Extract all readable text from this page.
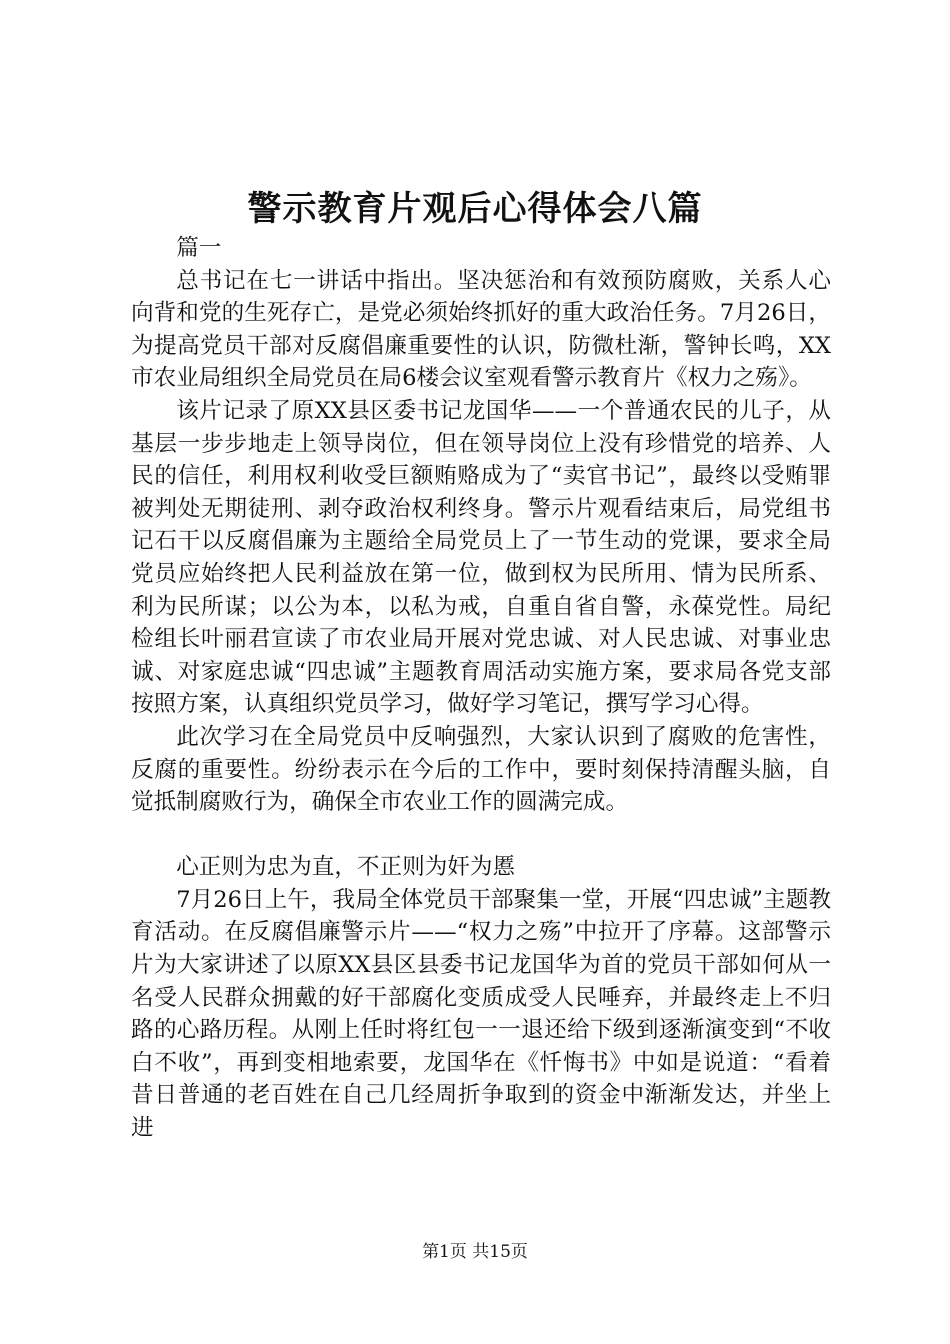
警示教育片观后心得体会八篇

篇一

总书记在七一讲话中指出。坚决惩治和有效预防腐败，关系人心向背和党的生死存亡，是党必须始终抓好的重大政治任务。7月26日，为提高党员干部对反腐倡廉重要性的认识，防微杜渐，警钟长鸣，XX市农业局组织全局党员在局6楼会议室观看警示教育片《权力之殇》。

该片记录了原XX县区委书记龙国华——一个普通农民的儿子，从基层一步步地走上领导岗位，但在领导岗位上没有珍惜党的培养、人民的信任，利用权利收受巨额贿赂成为了“卖官书记”，最终以受贿罪被判处无期徒刑、剥夺政治权利终身。警示片观看结束后，局党组书记石干以反腐倡廉为主题给全局党员上了一节生动的党课，要求全局党员应始终把人民利益放在第一位，做到权为民所用、情为民所系、利为民所谋；以公为本，以私为戒，自重自省自警，永葆党性。局纪检组长叶丽君宣读了市农业局开展对党忠诚、对人民忠诚、对事业忠诚、对家庭忠诚“四忠诚”主题教育周活动实施方案，要求局各党支部按照方案，认真组织党员学习，做好学习笔记，撰写学习心得。

此次学习在全局党员中反响强烈，大家认识到了腐败的危害性，反腐的重要性。纷纷表示在今后的工作中，要时刻保持清醒头脑，自觉抵制腐败行为，确保全市农业工作的圆满完成。

心正则为忠为直，不正则为奸为慝

7月26日上午，我局全体党员干部聚集一堂，开展“四忠诚”主题教育活动。在反腐倡廉警示片——“权力之殇”中拉开了序幕。这部警示片为大家讲述了以原XX县区县委书记龙国华为首的党员干部如何从一名受人民群众拥戴的好干部腐化变质成受人民唾弃，并最终走上不归路的心路历程。从刚上任时将红包一一退还给下级到逐渐演变到“不收白不收”，再到变相地索要，龙国华在《忏悔书》中如是说道：“看着昔日普通的老百姓在自己几经周折争取到的资金中渐渐发达，并坐上进

第1页 共15页
